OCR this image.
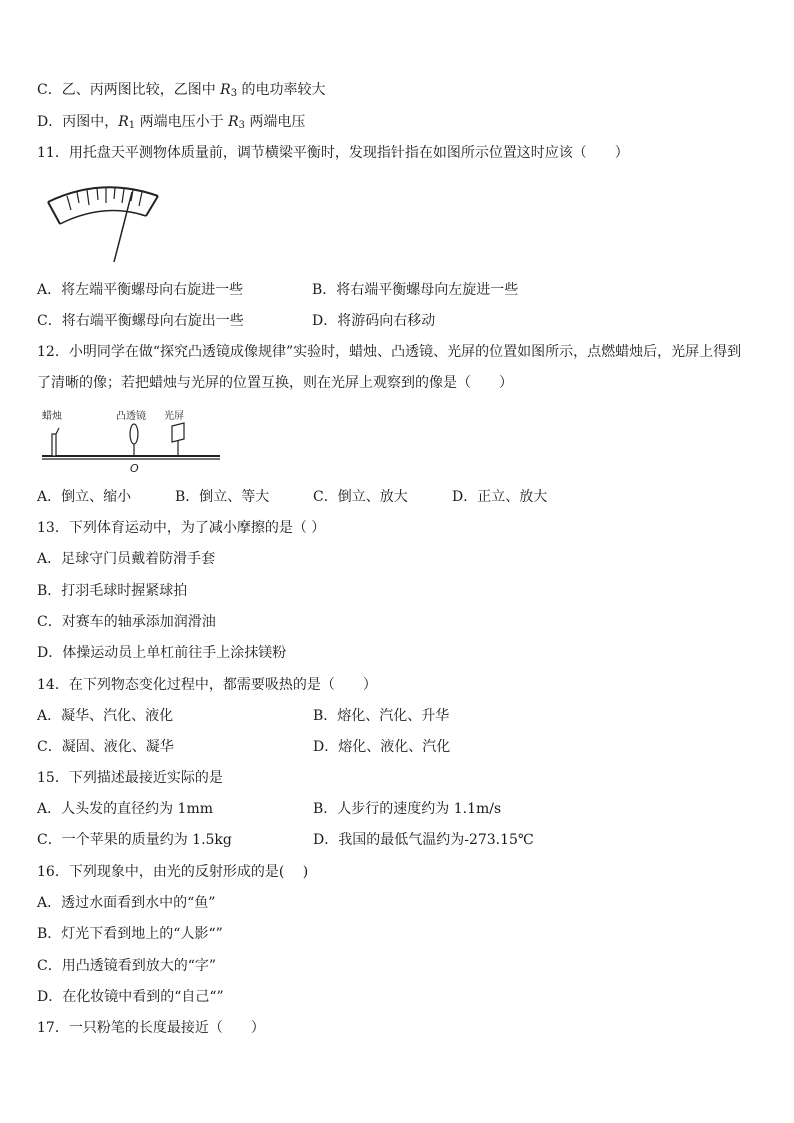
C．乙、丙两图比较，乙图中 $R_3$ 的电功率较大
D．丙图中，$R_1$ 两端电压小于 $R_3$ 两端电压
11．用托盘天平测物体质量前，调节横梁平衡时，发现指针指在如图所示位置这时应该（　　）
A．将左端平衡螺母向右旋进一些	B．将右端平衡螺母向左旋进一些
C．将右端平衡螺母向右旋出一些	D．将游码向右移动
12．小明同学在做“探究凸透镜成像规律”实验时，蜡烛、凸透镜、光屏的位置如图所示，点燃蜡烛后，光屏上得到
了清晰的像；若把蜡烛与光屏的位置互换，则在光屏上观察到的像是（　　）
蜡烛	凸透镜 光屏
O
A．倒立、缩小	B．倒立、等大	C．倒立、放大	D．正立、放大
13．下列体育运动中，为了减小摩擦的是（ ）
A．足球守门员戴着防滑手套
B．打羽毛球时握紧球拍
C．对赛车的轴承添加润滑油
D．体操运动员上单杠前往手上涂抹镁粉
14．在下列物态变化过程中，都需要吸热的是（　　）
A．凝华、汽化、液化	B．熔化、汽化、升华
C．凝固、液化、凝华	D．熔化、液化、汽化
15．下列描述最接近实际的是
A．人头发的直径约为 1mm	B．人步行的速度约为 1.1m/s
C．一个苹果的质量约为 1.5kg	D．我国的最低气温约为-273.15℃
16．下列现象中，由光的反射形成的是(　 )
A．透过水面看到水中的“鱼”
B．灯光下看到地上的“人影“”
C．用凸透镜看到放大的“字”
D．在化妆镜中看到的“自己“”
17．一只粉笔的长度最接近（　　）
